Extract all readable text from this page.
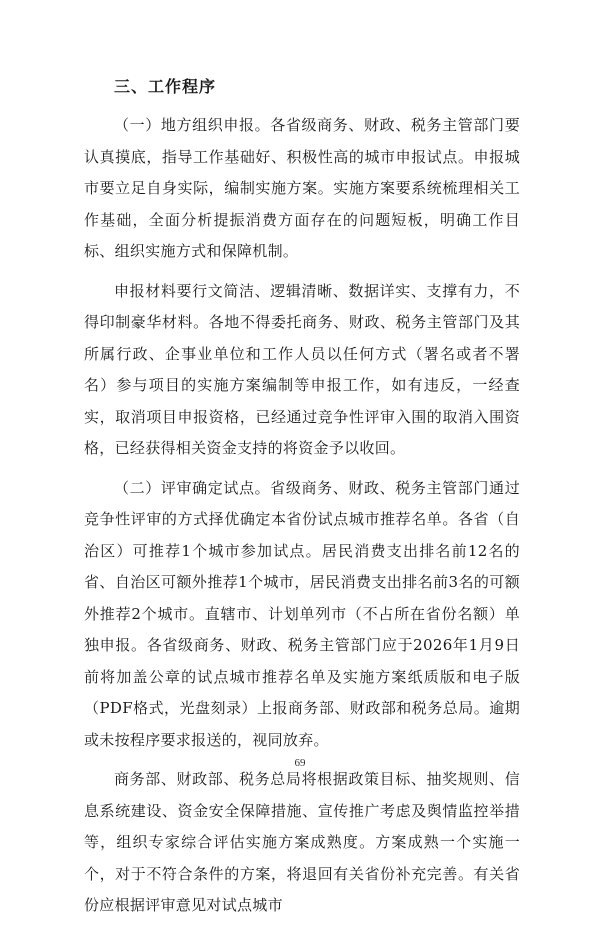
三、工作程序

（一）地方组织申报。各省级商务、财政、税务主管部门要认真摸底，指导工作基础好、积极性高的城市申报试点。申报城市要立足自身实际，编制实施方案。实施方案要系统梳理相关工作基础，全面分析提振消费方面存在的问题短板，明确工作目标、组织实施方式和保障机制。

申报材料要行文简洁、逻辑清晰、数据详实、支撑有力，不得印制豪华材料。各地不得委托商务、财政、税务主管部门及其所属行政、企事业单位和工作人员以任何方式（署名或者不署名）参与项目的实施方案编制等申报工作，如有违反，一经查实，取消项目申报资格，已经通过竞争性评审入围的取消入围资格，已经获得相关资金支持的将资金予以收回。

（二）评审确定试点。省级商务、财政、税务主管部门通过竞争性评审的方式择优确定本省份试点城市推荐名单。各省（自治区）可推荐1个城市参加试点。居民消费支出排名前12名的省、自治区可额外推荐1个城市，居民消费支出排名前3名的可额外推荐2个城市。直辖市、计划单列市（不占所在省份名额）单独申报。各省级商务、财政、税务主管部门应于2026年1月9日前将加盖公章的试点城市推荐名单及实施方案纸质版和电子版（PDF格式，光盘刻录）上报商务部、财政部和税务总局。逾期或未按程序要求报送的，视同放弃。

商务部、财政部、税务总局将根据政策目标、抽奖规则、信息系统建设、资金安全保障措施、宣传推广考虑及舆情监控举措等，组织专家综合评估实施方案成熟度。方案成熟一个实施一个，对于不符合条件的方案，将退回有关省份补充完善。有关省份应根据评审意见对试点城市

69
